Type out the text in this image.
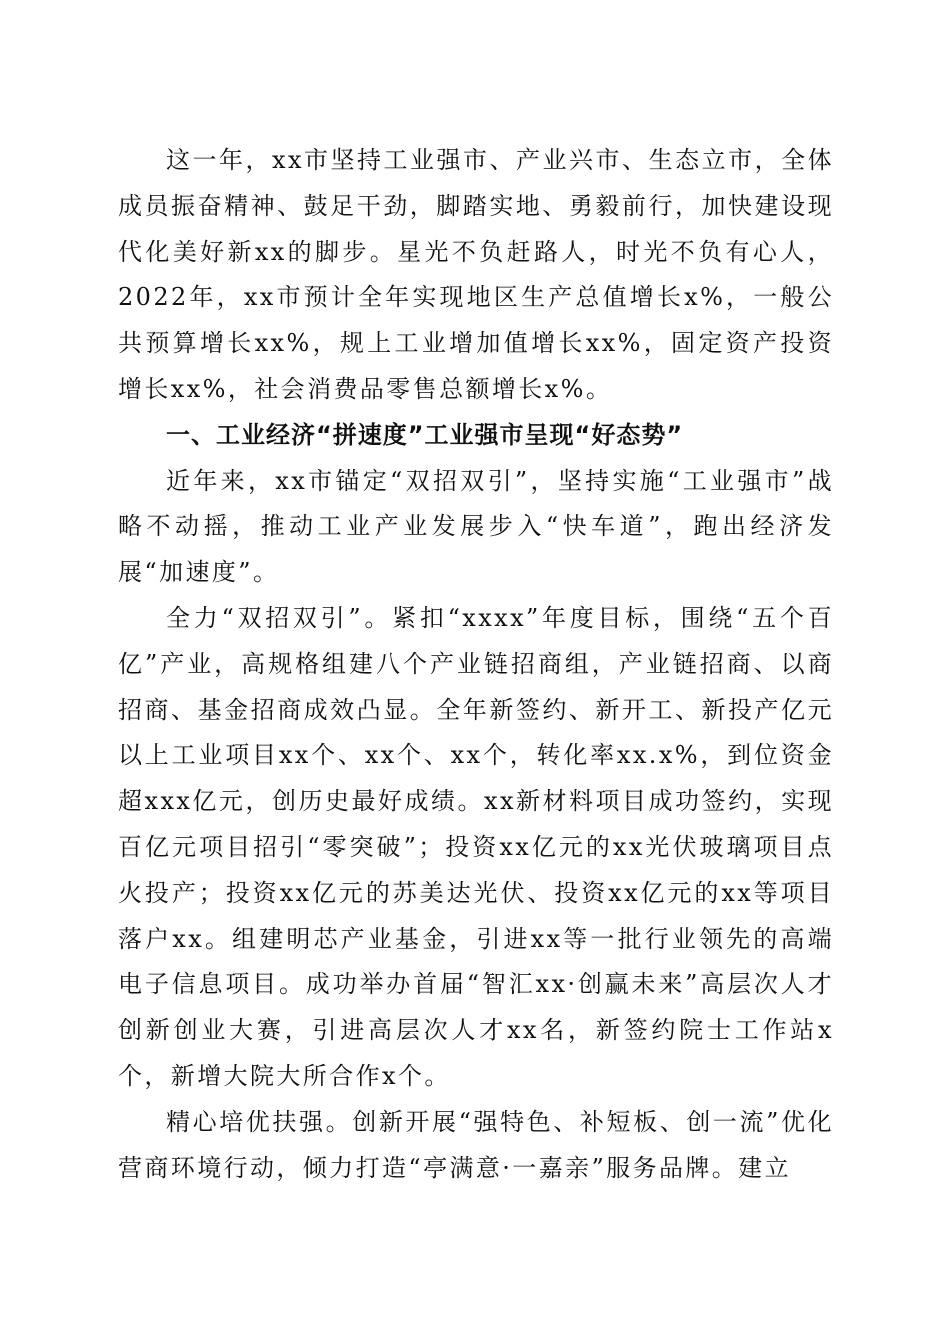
这一年，xx市坚持工业强市、产业兴市、生态立市，全体成员振奋精神、鼓足干劲，脚踏实地、勇毅前行，加快建设现代化美好新xx的脚步。星光不负赶路人，时光不负有心人，2022年，xx市预计全年实现地区生产总值增长x%，一般公共预算增长xx%，规上工业增加值增长xx%，固定资产投资增长xx%，社会消费品零售总额增长x%。

一、工业经济“拼速度”工业强市呈现“好态势”

近年来，xx市锚定“双招双引”，坚持实施“工业强市”战略不动摇，推动工业产业发展步入“快车道”，跑出经济发展“加速度”。

全力“双招双引”。紧扣“xxxx”年度目标，围绕“五个百亿”产业，高规格组建八个产业链招商组，产业链招商、以商招商、基金招商成效凸显。全年新签约、新开工、新投产亿元以上工业项目xx个、xx个、xx个，转化率xx.x%，到位资金超xxx亿元，创历史最好成绩。xx新材料项目成功签约，实现百亿元项目招引“零突破”；投资xx亿元的xx光伏玻璃项目点火投产；投资xx亿元的苏美达光伏、投资xx亿元的xx等项目落户xx。组建明芯产业基金，引进xx等一批行业领先的高端电子信息项目。成功举办首届“智汇xx·创赢未来”高层次人才创新创业大赛，引进高层次人才xx名，新签约院士工作站x个，新增大院大所合作x个。

精心培优扶强。创新开展“强特色、补短板、创一流”优化营商环境行动，倾力打造“亭满意·一嘉亲”服务品牌。建立
